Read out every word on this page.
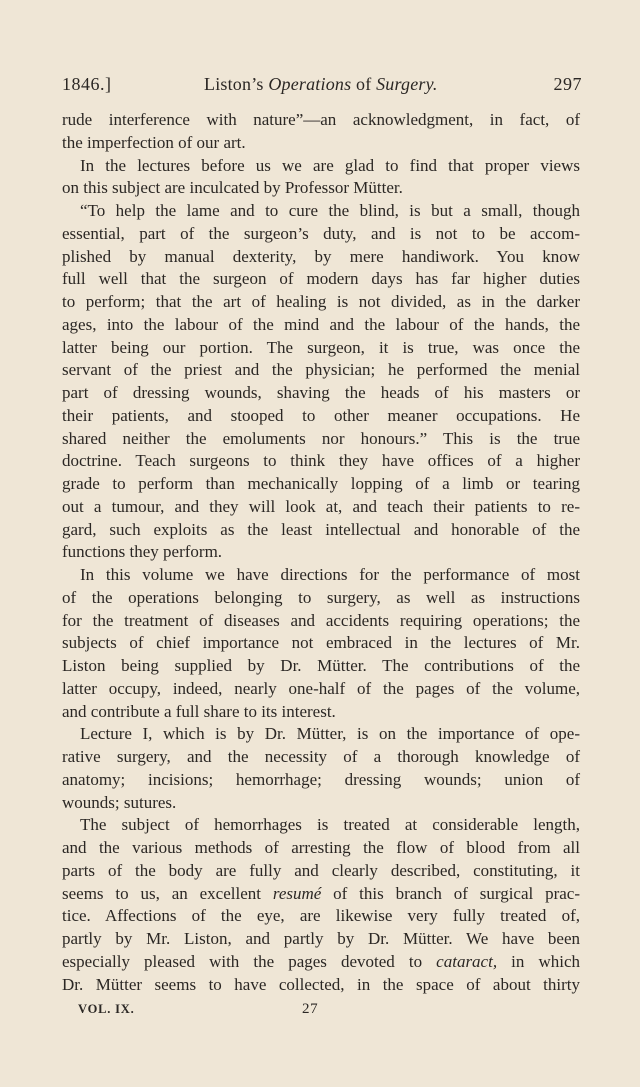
1846.]	Liston’s Operations of Surgery.	297
rude interference with nature”—an acknowledgment, in fact, of
the imperfection of our art.
In the lectures before us we are glad to find that proper views
on this subject are inculcated by Professor Mütter.
“To help the lame and to cure the blind, is but a small, though
essential, part of the surgeon’s duty, and is not to be accom-
plished by manual dexterity, by mere handiwork. You know
full well that the surgeon of modern days has far higher duties
to perform; that the art of healing is not divided, as in the darker
ages, into the labour of the mind and the labour of the hands, the
latter being our portion. The surgeon, it is true, was once the
servant of the priest and the physician; he performed the menial
part of dressing wounds, shaving the heads of his masters or
their patients, and stooped to other meaner occupations. He
shared neither the emoluments nor honours.” This is the true
doctrine. Teach surgeons to think they have offices of a higher
grade to perform than mechanically lopping of a limb or tearing
out a tumour, and they will look at, and teach their patients to re-
gard, such exploits as the least intellectual and honorable of the
functions they perform.
In this volume we have directions for the performance of most
of the operations belonging to surgery, as well as instructions
for the treatment of diseases and accidents requiring operations; the
subjects of chief importance not embraced in the lectures of Mr.
Liston being supplied by Dr. Mütter. The contributions of the
latter occupy, indeed, nearly one-half of the pages of the volume,
and contribute a full share to its interest.
Lecture I, which is by Dr. Mütter, is on the importance of ope-
rative surgery, and the necessity of a thorough knowledge of
anatomy; incisions; hemorrhage; dressing wounds; union of
wounds; sutures.
The subject of hemorrhages is treated at considerable length,
and the various methods of arresting the flow of blood from all
parts of the body are fully and clearly described, constituting, it
seems to us, an excellent resumé of this branch of surgical prac-
tice. Affections of the eye, are likewise very fully treated of,
partly by Mr. Liston, and partly by Dr. Mütter. We have been
especially pleased with the pages devoted to cataract, in which
Dr. Mütter seems to have collected, in the space of about thirty
VOL. IX.	27
